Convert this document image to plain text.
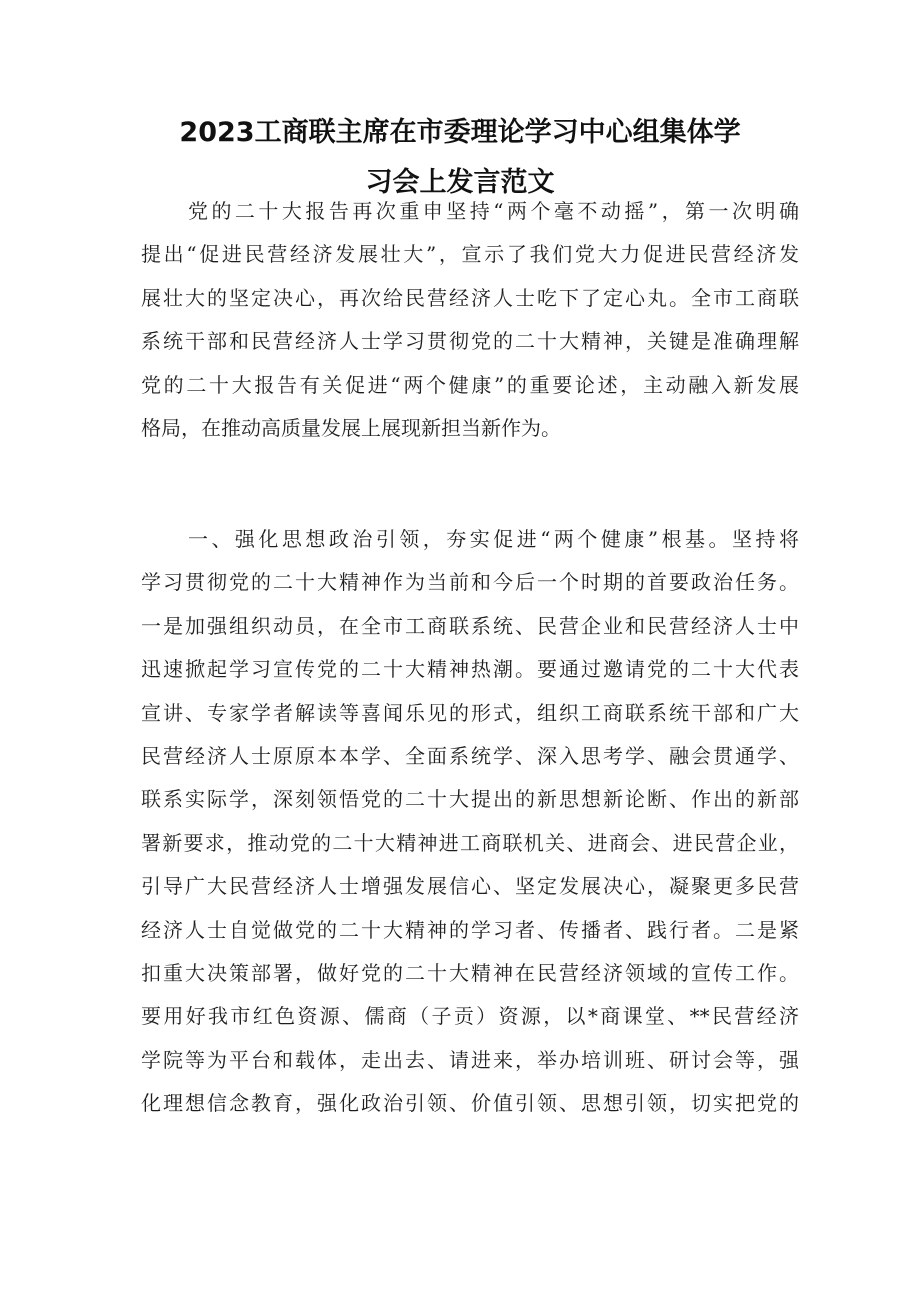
2023工商联主席在市委理论学习中心组集体学
习会上发言范文
　　党的二十大报告再次重申坚持“两个毫不动摇”，第一次明确
提出“促进民营经济发展壮大”，宣示了我们党大力促进民营经济发
展壮大的坚定决心，再次给民营经济人士吃下了定心丸。全市工商联
系统干部和民营经济人士学习贯彻党的二十大精神，关键是准确理解
党的二十大报告有关促进“两个健康”的重要论述，主动融入新发展
格局，在推动高质量发展上展现新担当新作为。
　　一、强化思想政治引领，夯实促进“两个健康”根基。坚持将
学习贯彻党的二十大精神作为当前和今后一个时期的首要政治任务。
一是加强组织动员，在全市工商联系统、民营企业和民营经济人士中
迅速掀起学习宣传党的二十大精神热潮。要通过邀请党的二十大代表
宣讲、专家学者解读等喜闻乐见的形式，组织工商联系统干部和广大
民营经济人士原原本本学、全面系统学、深入思考学、融会贯通学、
联系实际学，深刻领悟党的二十大提出的新思想新论断、作出的新部
署新要求，推动党的二十大精神进工商联机关、进商会、进民营企业，
引导广大民营经济人士增强发展信心、坚定发展决心，凝聚更多民营
经济人士自觉做党的二十大精神的学习者、传播者、践行者。二是紧
扣重大决策部署，做好党的二十大精神在民营经济领域的宣传工作。
要用好我市红色资源、儒商（子贡）资源，以*商课堂、**民营经济
学院等为平台和载体，走出去、请进来，举办培训班、研讨会等，强
化理想信念教育，强化政治引领、价值引领、思想引领，切实把党的
